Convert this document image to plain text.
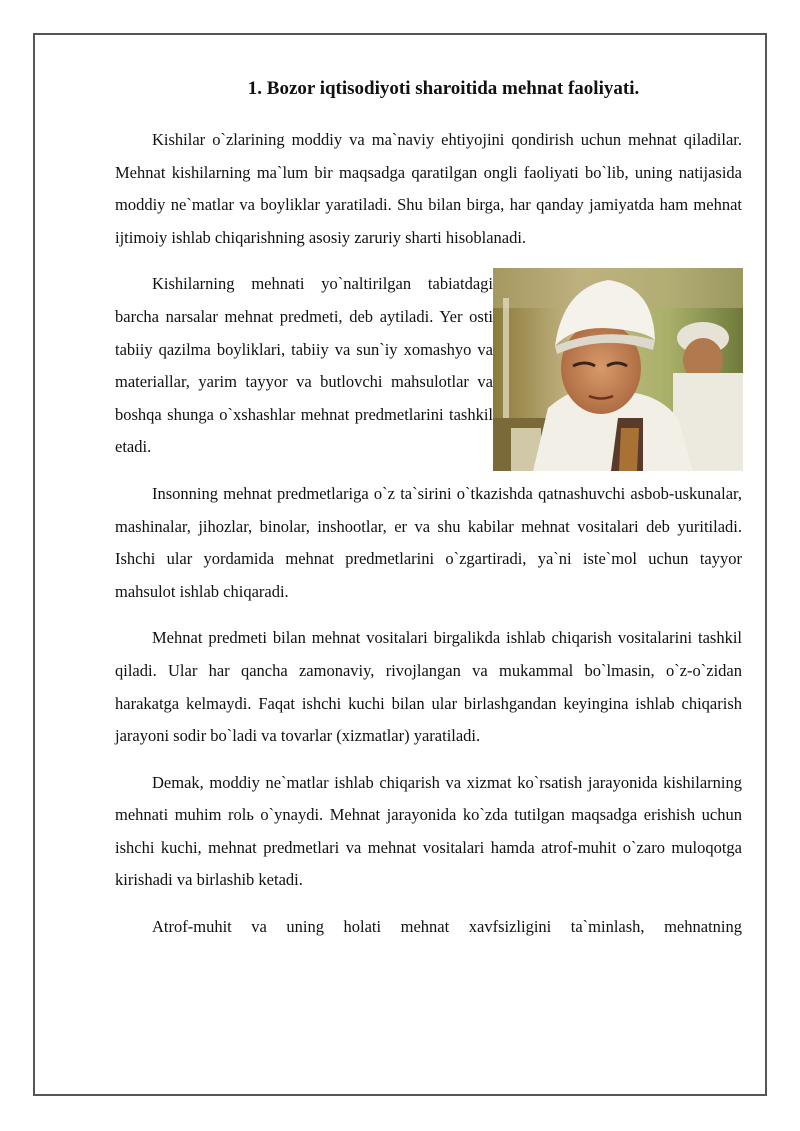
1. Bozor iqtisodiyoti sharoitida mehnat faoliyati.

Kishilar o`zlarining moddiy va ma`naviy ehtiyojini qondirish uchun mehnat qiladilar. Mehnat kishilarning ma`lum bir maqsadga qaratilgan ongli faoliyati bo`lib, uning natijasida moddiy ne`matlar va boyliklar yaratiladi. Shu bilan birga, har qanday jamiyatda ham mehnat ijtimoiy ishlab chiqarishning asosiy zaruriy sharti hisoblanadi.

Kishilarning mehnati yo`naltirilgan tabiatdagi barcha narsalar mehnat predmeti, deb aytiladi. Yer osti tabiiy qazilma boyliklari, tabiiy va sun`iy xomashyo va materiallar, yarim tayyor va butlovchi mahsulotlar va boshqa shunga o`xshashlar mehnat predmetlarini tashkil etadi.

Insonning mehnat predmetlariga o`z ta`sirini o`tkazishda qatnashuvchi asbob-uskunalar, mashinalar, jihozlar, binolar, inshootlar, er va shu kabilar mehnat vositalari deb yuritiladi. Ishchi ular yordamida mehnat predmetlarini o`zgartiradi, ya`ni iste`mol uchun tayyor mahsulot ishlab chiqaradi.

Mehnat predmeti bilan mehnat vositalari birgalikda ishlab chiqarish vositalarini tashkil qiladi. Ular har qancha zamonaviy, rivojlangan va mukammal bo`lmasin, o`z-o`zidan harakatga kelmaydi. Faqat ishchi kuchi bilan ular birlashgandan keyingina ishlab chiqarish jarayoni sodir bo`ladi va tovarlar (xizmatlar) yaratiladi.

Demak, moddiy ne`matlar ishlab chiqarish va xizmat ko`rsatish jarayonida kishilarning mehnati muhim rolь o`ynaydi. Mehnat jarayonida ko`zda tutilgan maqsadga erishish uchun ishchi kuchi, mehnat predmetlari va mehnat vositalari hamda atrof-muhit o`zaro muloqotga kirishadi va birlashib ketadi.

Atrof-muhit va uning holati mehnat xavfsizligini ta`minlash, mehnatning
